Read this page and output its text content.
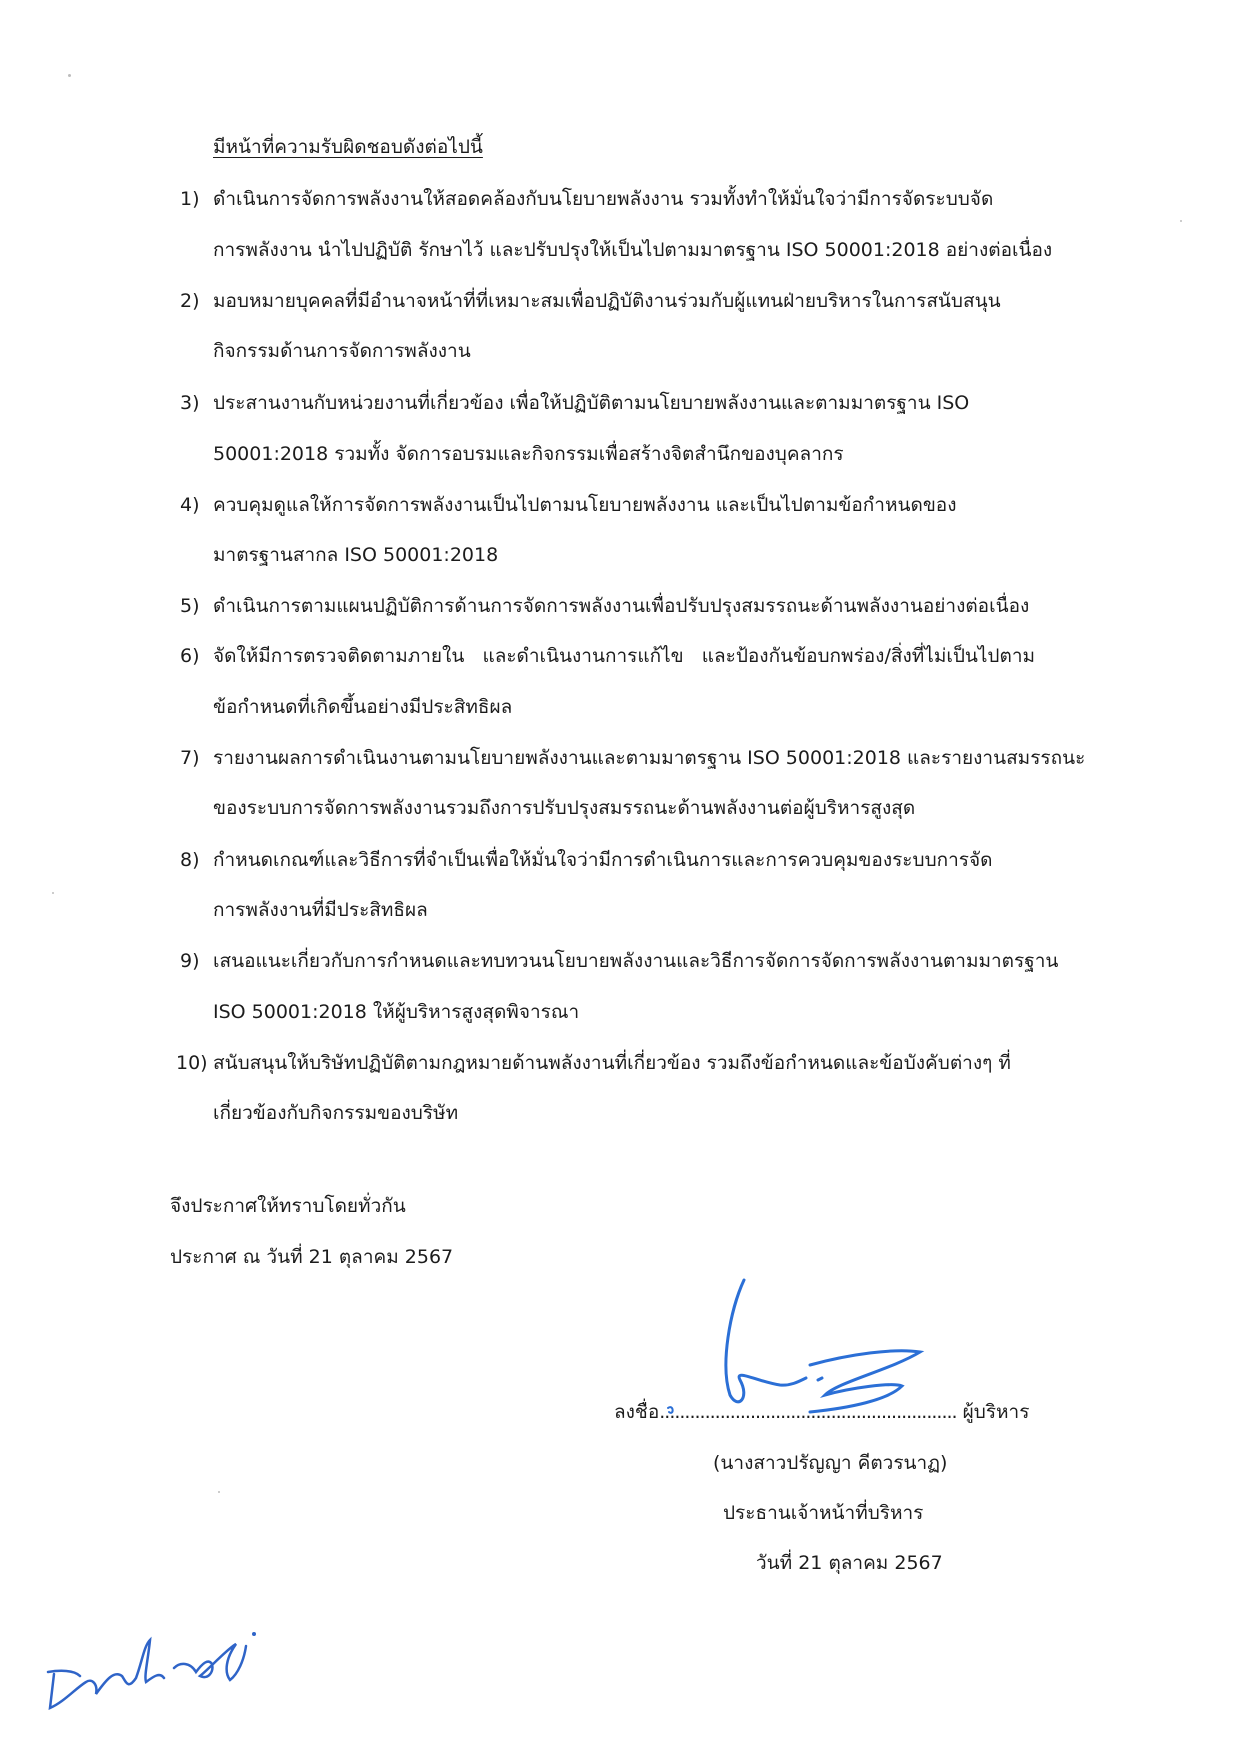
มีหน้าที่ความรับผิดชอบดังต่อไปนี้
1) ดำเนินการจัดการพลังงานให้สอดคล้องกับนโยบายพลังงาน รวมทั้งทำให้มั่นใจว่ามีการจัดระบบจัด
การพลังงาน นำไปปฏิบัติ รักษาไว้ และปรับปรุงให้เป็นไปตามมาตรฐาน ISO 50001:2018 อย่างต่อเนื่อง
2) มอบหมายบุคคลที่มีอำนาจหน้าที่ที่เหมาะสมเพื่อปฏิบัติงานร่วมกับผู้แทนฝ่ายบริหารในการสนับสนุน
กิจกรรมด้านการจัดการพลังงาน
3) ประสานงานกับหน่วยงานที่เกี่ยวข้อง เพื่อให้ปฏิบัติตามนโยบายพลังงานและตามมาตรฐาน ISO
50001:2018 รวมทั้ง จัดการอบรมและกิจกรรมเพื่อสร้างจิตสำนึกของบุคลากร
4) ควบคุมดูแลให้การจัดการพลังงานเป็นไปตามนโยบายพลังงาน และเป็นไปตามข้อกำหนดของ
มาตรฐานสากล ISO 50001:2018
5) ดำเนินการตามแผนปฏิบัติการด้านการจัดการพลังงานเพื่อปรับปรุงสมรรถนะด้านพลังงานอย่างต่อเนื่อง
6) จัดให้มีการตรวจติดตามภายใน   และดำเนินงานการแก้ไข   และป้องกันข้อบกพร่อง/สิ่งที่ไม่เป็นไปตาม
ข้อกำหนดที่เกิดขึ้นอย่างมีประสิทธิผล
7) รายงานผลการดำเนินงานตามนโยบายพลังงานและตามมาตรฐาน ISO 50001:2018 และรายงานสมรรถนะ
ของระบบการจัดการพลังงานรวมถึงการปรับปรุงสมรรถนะด้านพลังงานต่อผู้บริหารสูงสุด
8) กำหนดเกณฑ์และวิธีการที่จำเป็นเพื่อให้มั่นใจว่ามีการดำเนินการและการควบคุมของระบบการจัด
การพลังงานที่มีประสิทธิผล
9) เสนอแนะเกี่ยวกับการกำหนดและทบทวนนโยบายพลังงานและวิธีการจัดการจัดการพลังงานตามมาตรฐาน
ISO 50001:2018 ให้ผู้บริหารสูงสุดพิจารณา
10) สนับสนุนให้บริษัทปฏิบัติตามกฎหมายด้านพลังงานที่เกี่ยวข้อง รวมถึงข้อกำหนดและข้อบังคับต่างๆ ที่
เกี่ยวข้องกับกิจกรรมของบริษัท
จึงประกาศให้ทราบโดยทั่วกัน
ประกาศ ณ วันที่ 21 ตุลาคม 2567
ลงชื่อ........................................................... ผู้บริหาร
(นางสาวปรัญญา คีตวรนาฏ)
ประธานเจ้าหน้าที่บริหาร
วันที่ 21 ตุลาคม 2567
